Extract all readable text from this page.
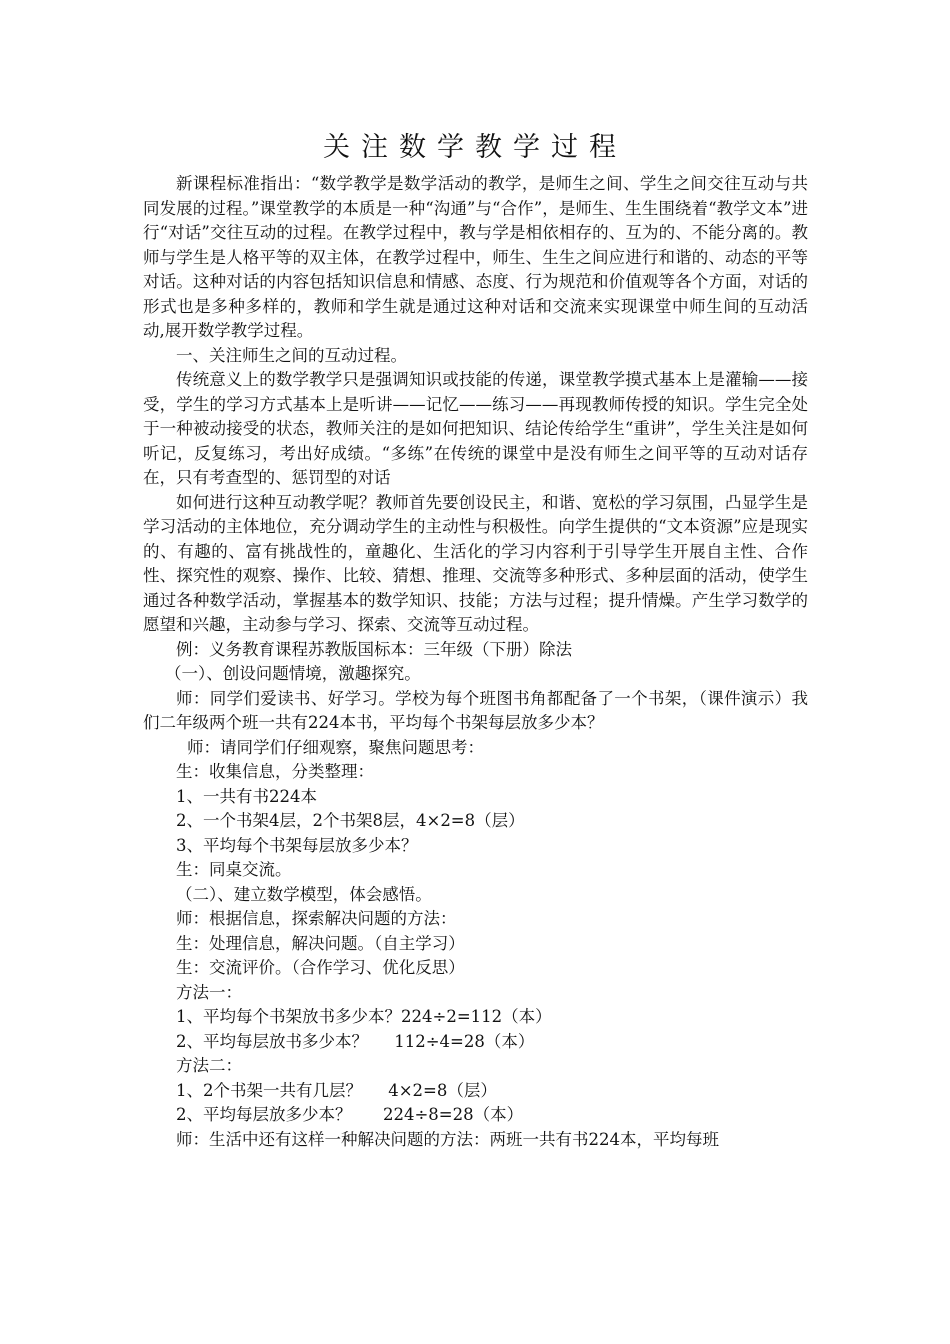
关注数学教学过程

新课程标准指出：“数学教学是数学活动的教学，是师生之间、学生之间交往互动与共同发展的过程。”课堂教学的本质是一种“沟通”与“合作”，是师生、生生围绕着“教学文本”进行“对话”交往互动的过程。在教学过程中，教与学是相依相存的、互为的、不能分离的。教师与学生是人格平等的双主体，在教学过程中，师生、生生之间应进行和谐的、动态的平等对话。这种对话的内容包括知识信息和情感、态度、行为规范和价值观等各个方面，对话的形式也是多种多样的，教师和学生就是通过这种对话和交流来实现课堂中师生间的互动活动,展开数学教学过程。

一、关注师生之间的互动过程。

传统意义上的数学教学只是强调知识或技能的传递，课堂教学摸式基本上是灌输——接受，学生的学习方式基本上是听讲——记忆——练习——再现教师传授的知识。学生完全处于一种被动接受的状态，教师关注的是如何把知识、结论传给学生“重讲”，学生关注是如何听记，反复练习，考出好成绩。“多练”在传统的课堂中是没有师生之间平等的互动对话存在，只有考查型的、惩罚型的对话

如何进行这种互动教学呢？教师首先要创设民主，和谐、宽松的学习氛围，凸显学生是学习活动的主体地位，充分调动学生的主动性与积极性。向学生提供的“文本资源”应是现实的、有趣的、富有挑战性的，童趣化、生活化的学习内容利于引导学生开展自主性、合作性、探究性的观察、操作、比较、猜想、推理、交流等多种形式、多种层面的活动，使学生通过各种数学活动，掌握基本的数学知识、技能；方法与过程；提升情燥。产生学习数学的愿望和兴趣，主动参与学习、探索、交流等互动过程。

例：义务教育课程苏教版国标本：三年级（下册）除法

（一）、创设问题情境，激趣探究。

师：同学们爱读书、好学习。学校为每个班图书角都配备了一个书架，（课件演示）我们二年级两个班一共有224本书，平均每个书架每层放多少本？

师：请同学们仔细观察，聚焦问题思考：

生：收集信息，分类整理：

1、一共有书224本

2、一个书架4层，2个书架8层，4×2=8（层）

3、平均每个书架每层放多少本？

生：同桌交流。

（二）、建立数学模型，体会感悟。

师：根据信息，探索解决问题的方法：

生：处理信息，解决问题。（自主学习）

生：交流评价。（合作学习、优化反思）

方法一：

1、平均每个书架放书多少本？224÷2=112（本）

2、平均每层放书多少本？     112÷4=28（本）

方法二：

1、2个书架一共有几层？     4×2=8（层）

2、平均每层放多少本？      224÷8=28（本）

师：生活中还有这样一种解决问题的方法：两班一共有书224本，平均每班
